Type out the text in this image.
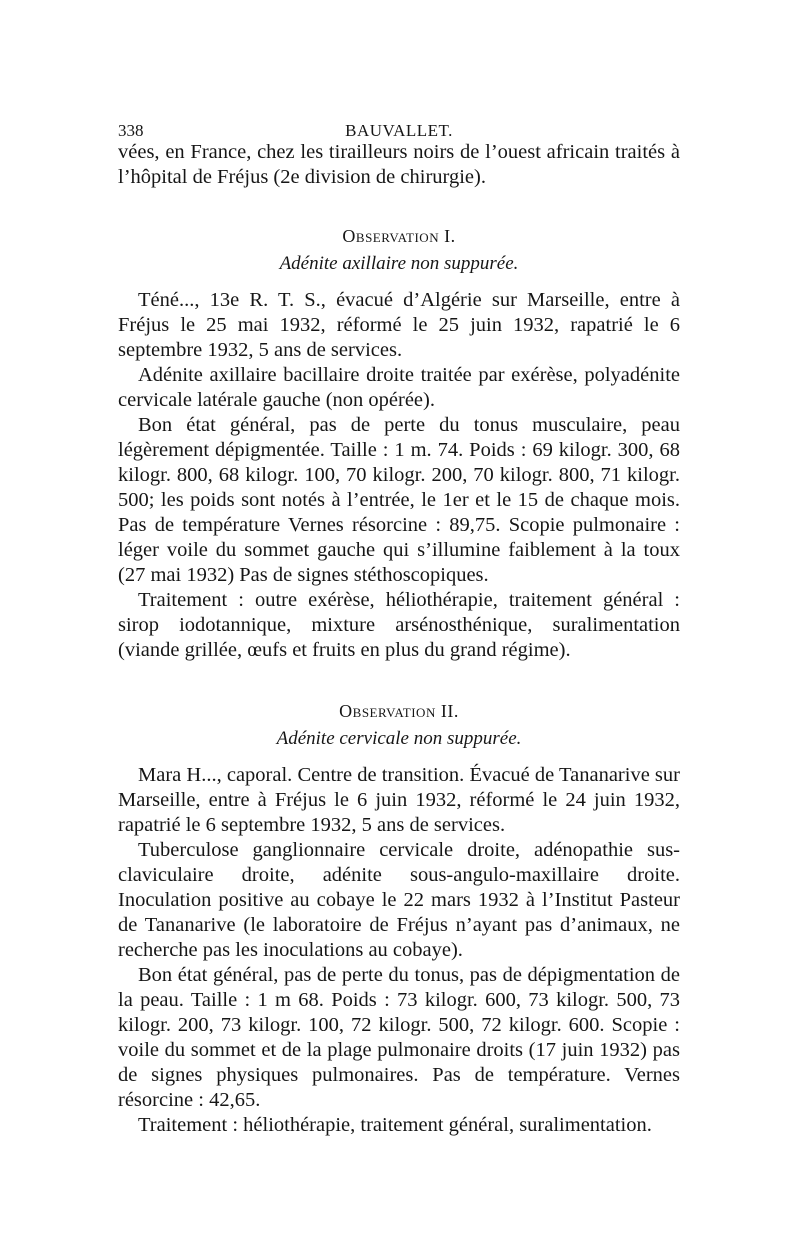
338	BAUVALLET.

vées, en France, chez les tirailleurs noirs de l’ouest africain traités à l’hôpital de Fréjus (2e division de chirurgie).

Observation I.
Adénite axillaire non suppurée.

Téné..., 13e R. T. S., évacué d’Algérie sur Marseille, entre à Fréjus le 25 mai 1932, réformé le 25 juin 1932, rapatrié le 6 septembre 1932, 5 ans de services.

Adénite axillaire bacillaire droite traitée par exérèse, polyadénite cervicale latérale gauche (non opérée).

Bon état général, pas de perte du tonus musculaire, peau légèrement dépigmentée. Taille : 1 m. 74. Poids : 69 kilogr. 300, 68 kilogr. 800, 68 kilogr. 100, 70 kilogr. 200, 70 kilogr. 800, 71 kilogr. 500; les poids sont notés à l’entrée, le 1er et le 15 de chaque mois. Pas de température Vernes résorcine : 89,75. Scopie pulmonaire : léger voile du sommet gauche qui s’illumine faiblement à la toux (27 mai 1932) Pas de signes stéthoscopiques.

Traitement : outre exérèse, héliothérapie, traitement général : sirop iodotannique, mixture arsénosthénique, suralimentation (viande grillée, œufs et fruits en plus du grand régime).

Observation II.
Adénite cervicale non suppurée.

Mara H..., caporal. Centre de transition. Évacué de Tananarive sur Marseille, entre à Fréjus le 6 juin 1932, réformé le 24 juin 1932, rapatrié le 6 septembre 1932, 5 ans de services.

Tuberculose ganglionnaire cervicale droite, adénopathie sus-claviculaire droite, adénite sous-angulo-maxillaire droite. Inoculation positive au cobaye le 22 mars 1932 à l’Institut Pasteur de Tananarive (le laboratoire de Fréjus n’ayant pas d’animaux, ne recherche pas les inoculations au cobaye).

Bon état général, pas de perte du tonus, pas de dépigmentation de la peau. Taille : 1 m 68. Poids : 73 kilogr. 600, 73 kilogr. 500, 73 kilogr. 200, 73 kilogr. 100, 72 kilogr. 500, 72 kilogr. 600. Scopie : voile du sommet et de la plage pulmonaire droits (17 juin 1932) pas de signes physiques pulmonaires. Pas de température. Vernes résorcine : 42,65.

Traitement : héliothérapie, traitement général, suralimentation.
